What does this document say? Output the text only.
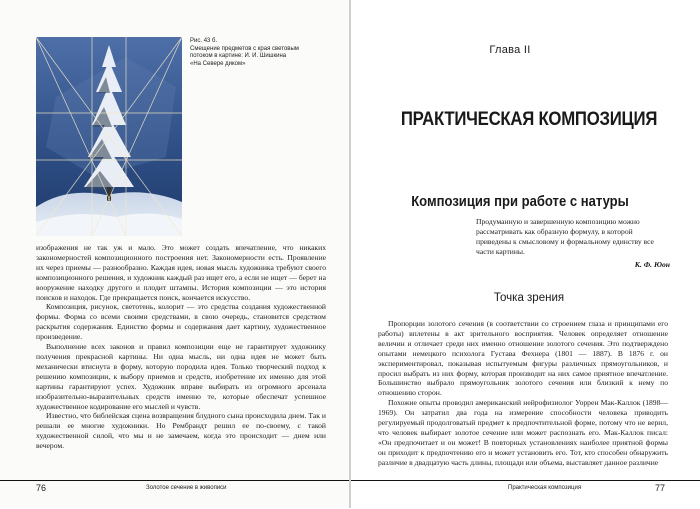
Рис. 43 б.
Смещение предметов с края световым
потоком в картине: И. И. Шишкина
«На Севере диком»

изображения не так уж и мало. Это может создать впечатление, что никаких закономерностей композиционного построения нет. Закономерности есть. Проявление их через приемы — разнообразно. Каждая идея, новая мысль художника требуют своего композиционного решения, и художник каждый раз ищет его, а если не ищет — берет на вооружение находку другого и плодит штампы. История композиции — это история поисков и находок. Где прекращается поиск, кончается искусство.

Композиция, рисунок, светотень, колорит — это средства создания художественной формы. Форма со всеми своими средствами, в свою очередь, становится средством раскрытия содержания. Единство формы и содержания дает картину, художественное произведение.

Выполнение всех законов и правил композиции еще не гарантирует художнику получения прекрасной картины. Ни одна мысль, ни одна идея не может быть механически втиснута в форму, которую породила идея. Только творческий подход к решению композиции, к выбору приемов и средств, изобретение их именно для этой картины гарантируют успех. Художник вправе выбирать из огромного арсенала изобразительно-выразительных средств именно те, которые обеспечат успешное художественное кодирование его мыслей и чувств.

Известно, что библейская сцена возвращения блудного сына происходила днем. Так и решали ее многие художники. Но Рембрандт решил ее по-своему, с такой художественной силой, что мы и не замечаем, когда это происходит — днем или вечером.

76	Золотое сечение в живописи
Глава II
ПРАКТИЧЕСКАЯ КОМПОЗИЦИЯ
Композиция при работе с натуры
Продуманную и завершенную композицию можно рассматривать как образную формулу, в которой приведены к смысловому и формальному единству все части картины.
К. Ф. Юон
Точка зрения

Пропорции золотого сечения (в соответствии со строением глаза и принципами его работы) вплетены в акт зрительного восприятия. Человек определяет отношение величин и отличает среди них именно отношение золотого сечения. Это подтверждено опытами немецкого психолога Густава Фехнера (1801 — 1887). В 1876 г. он экспериментировал, показывая испытуемым фигуры различных прямоугольников, и просил выбрать из них форму, которая производит на них самое приятное впечатление. Большинство выбрало прямоугольник золотого сечения или близкий к нему по отношению сторон.

Похожие опыты проводил американский нейрофизиолог Уоррен Мак-Каллок (1898—1969). Он затратил два года на измерение способности человека приводить регулируемый продолговатый предмет к предпочтительной форме, потому что не верил, что человек выбирает золотое сечение или может распознать его. Мак-Каллок писал: «Он предпочитает и он может! В повторных установлениях наиболее приятной формы он приходит к предпочтению его и может установить его. Тот, кто способен обнаружить различие в двадцатую часть длины, площади или объема, выставляет данное различие

Практическая композиция	77
